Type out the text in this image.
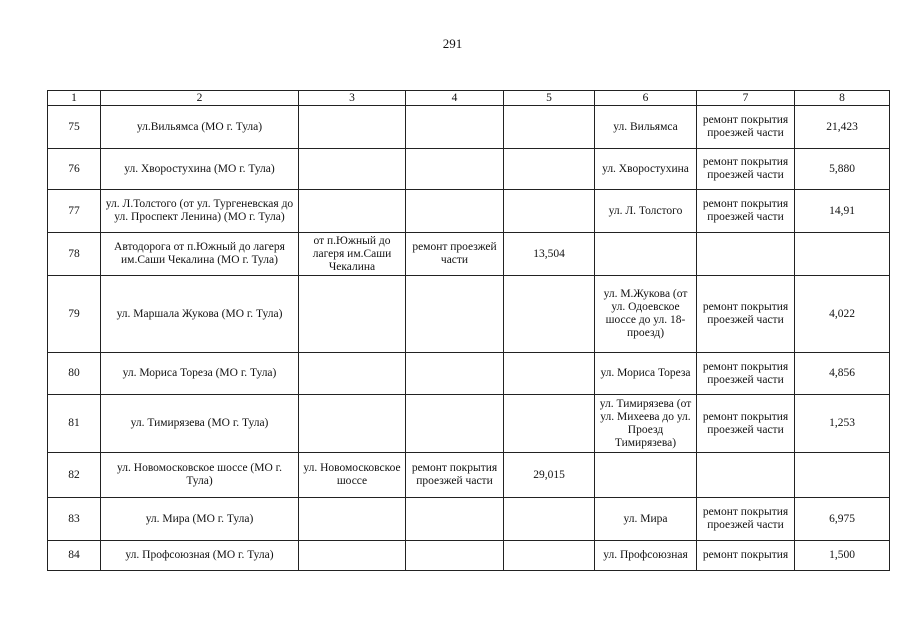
291
1	2	3	4	5	6	7	8
75	ул.Вильямса (МО г. Тула)				ул. Вильямса	ремонт покрытия проезжей части	21,423
76	ул. Хворостухина (МО г. Тула)				ул. Хворостухина	ремонт покрытия проезжей части	5,880
77	ул. Л.Толстого (от ул. Тургеневская до ул. Проспект Ленина) (МО г. Тула)				ул. Л. Толстого	ремонт покрытия проезжей части	14,91
78	Автодорога от п.Южный до лагеря им.Саши Чекалина (МО г. Тула)	от п.Южный до лагеря им.Саши Чекалина	ремонт проезжей части	13,504			
79	ул. Маршала Жукова (МО г. Тула)				ул. М.Жукова (от ул. Одоевское шоссе до ул. 18-проезд)	ремонт покрытия проезжей части	4,022
80	ул. Мориса Тореза (МО г. Тула)				ул. Мориса Тореза	ремонт покрытия проезжей части	4,856
81	ул. Тимирязева (МО г. Тула)				ул. Тимирязева (от ул. Михеева до ул. Проезд Тимирязева)	ремонт покрытия проезжей части	1,253
82	ул. Новомосковское шоссе (МО г. Тула)	ул. Новомосковское шоссе	ремонт покрытия проезжей части	29,015			
83	ул. Мира (МО г. Тула)				ул. Мира	ремонт покрытия проезжей части	6,975
84	ул. Профсоюзная (МО г. Тула)				ул. Профсоюзная	ремонт покрытия	1,500
